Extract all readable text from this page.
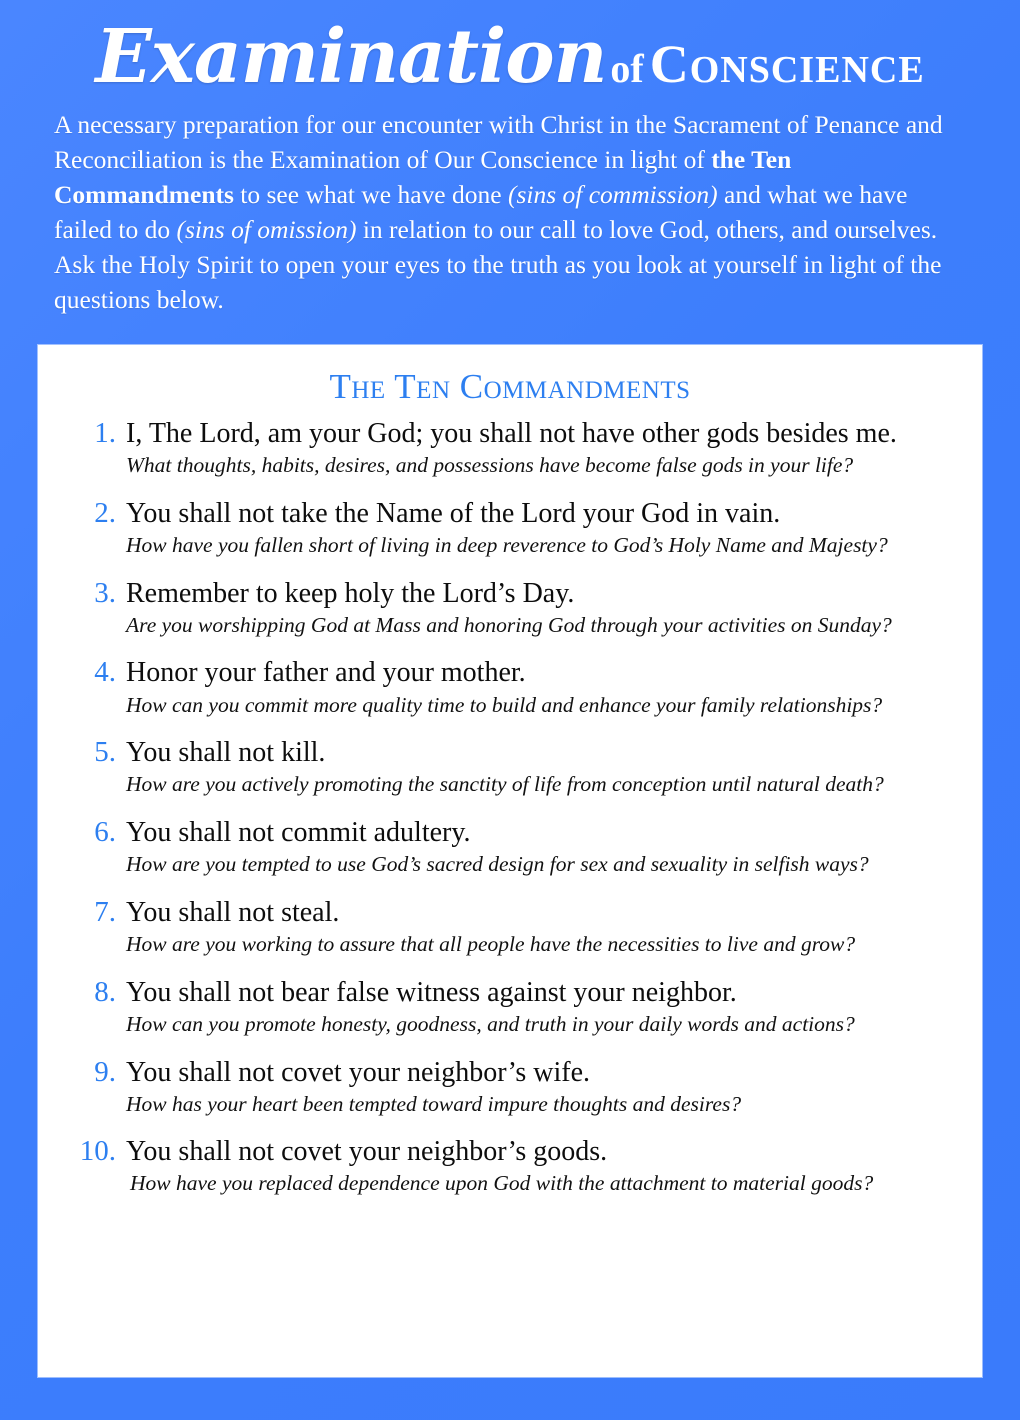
Examination of Conscience

A necessary preparation for our encounter with Christ in the Sacrament of Penance and Reconciliation is the Examination of Our Conscience in light of the Ten Commandments to see what we have done (sins of commission) and what we have failed to do (sins of omission) in relation to our call to love God, others, and ourselves. Ask the Holy Spirit to open your eyes to the truth as you look at yourself in light of the questions below.

The Ten Commandments
1. I, The Lord, am your God; you shall not have other gods besides me.
What thoughts, habits, desires, and possessions have become false gods in your life?
2. You shall not take the Name of the Lord your God in vain.
How have you fallen short of living in deep reverence to God’s Holy Name and Majesty?
3. Remember to keep holy the Lord’s Day.
Are you worshipping God at Mass and honoring God through your activities on Sunday?
4. Honor your father and your mother.
How can you commit more quality time to build and enhance your family relationships?
5. You shall not kill.
How are you actively promoting the sanctity of life from conception until natural death?
6. You shall not commit adultery.
How are you tempted to use God’s sacred design for sex and sexuality in selfish ways?
7. You shall not steal.
How are you working to assure that all people have the necessities to live and grow?
8. You shall not bear false witness against your neighbor.
How can you promote honesty, goodness, and truth in your daily words and actions?
9. You shall not covet your neighbor’s wife.
How has your heart been tempted toward impure thoughts and desires?
10. You shall not covet your neighbor’s goods.
How have you replaced dependence upon God with the attachment to material goods?
